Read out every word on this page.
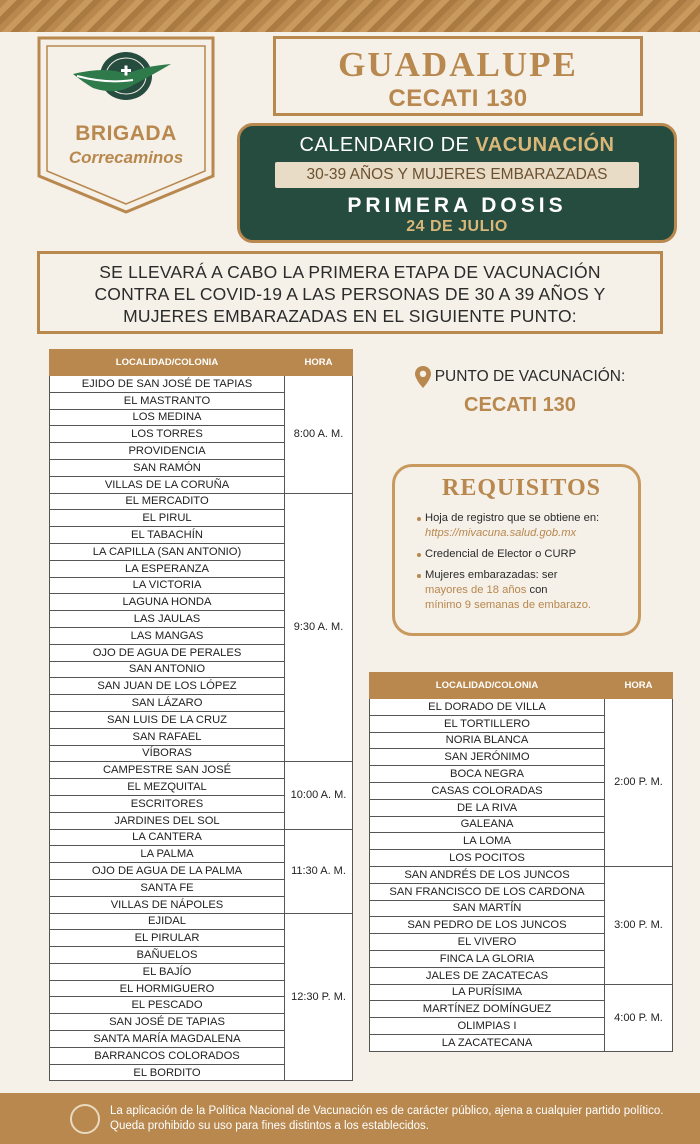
BRIGADA
Correcaminos
GUADALUPE
CECATI 130
CALENDARIO DE VACUNACIÓN
30-39 AÑOS Y MUJERES EMBARAZADAS
PRIMERA DOSIS
24 DE JULIO
SE LLEVARÁ A CABO LA PRIMERA ETAPA DE VACUNACIÓN
CONTRA EL COVID-19 A LAS PERSONAS DE 30 A 39 AÑOS Y
MUJERES EMBARAZADAS EN EL SIGUIENTE PUNTO:
LOCALIDAD/COLONIA	HORA
EJIDO DE SAN JOSÉ DE TAPIAS	8:00 A. M.
EL MASTRANTO	
LOS MEDINA	
LOS TORRES	
PROVIDENCIA	
SAN RAMÓN	
VILLAS DE LA CORUÑA	
EL MERCADITO	9:30 A. M.
EL PIRUL	
EL TABACHÍN	
LA CAPILLA (SAN ANTONIO)	
LA ESPERANZA	
LA VICTORIA	
LAGUNA HONDA	
LAS JAULAS	
LAS MANGAS	
OJO DE AGUA DE PERALES	
SAN ANTONIO	
SAN JUAN DE LOS LÓPEZ	
SAN LÁZARO	
SAN LUIS DE LA CRUZ	
SAN RAFAEL	
VÍBORAS	
CAMPESTRE SAN JOSÉ	10:00 A. M.
EL MEZQUITAL	
ESCRITORES	
JARDINES DEL SOL	
LA CANTERA	11:30 A. M.
LA PALMA	
OJO DE AGUA DE LA PALMA	
SANTA FE	
VILLAS DE NÁPOLES	
EJIDAL	12:30 P. M.
EL PIRULAR	
BAÑUELOS	
EL BAJÍO	
EL HORMIGUERO	
EL PESCADO	
SAN JOSÉ DE TAPIAS	
SANTA MARÍA MAGDALENA	
BARRANCOS COLORADOS	
EL BORDITO	
PUNTO DE VACUNACIÓN:
CECATI 130
REQUISITOS
Hoja de registro que se obtiene en: https://mivacuna.salud.gob.mx
Credencial de Elector o CURP
Mujeres embarazadas: ser
mayores de 18 años con
mínimo 9 semanas de embarazo.
LOCALIDAD/COLONIA	HORA
EL DORADO DE VILLA	2:00 P. M.
EL TORTILLERO	
NORIA BLANCA	
SAN JERÓNIMO	
BOCA NEGRA	
CASAS COLORADAS	
DE LA RIVA	
GALEANA	
LA LOMA	
LOS POCITOS	
SAN ANDRÉS DE LOS JUNCOS	3:00 P. M.
SAN FRANCISCO DE LOS CARDONA	
SAN MARTÍN	
SAN PEDRO DE LOS JUNCOS	
EL VIVERO	
FINCA LA GLORIA	
JALES DE ZACATECAS	
LA PURÍSIMA	4:00 P. M.
MARTÍNEZ DOMÍNGUEZ	
OLIMPIAS I	
LA ZACATECANA	
La aplicación de la Política Nacional de Vacunación es de carácter público, ajena a cualquier partido político. Queda prohibido su uso para fines distintos a los establecidos.
